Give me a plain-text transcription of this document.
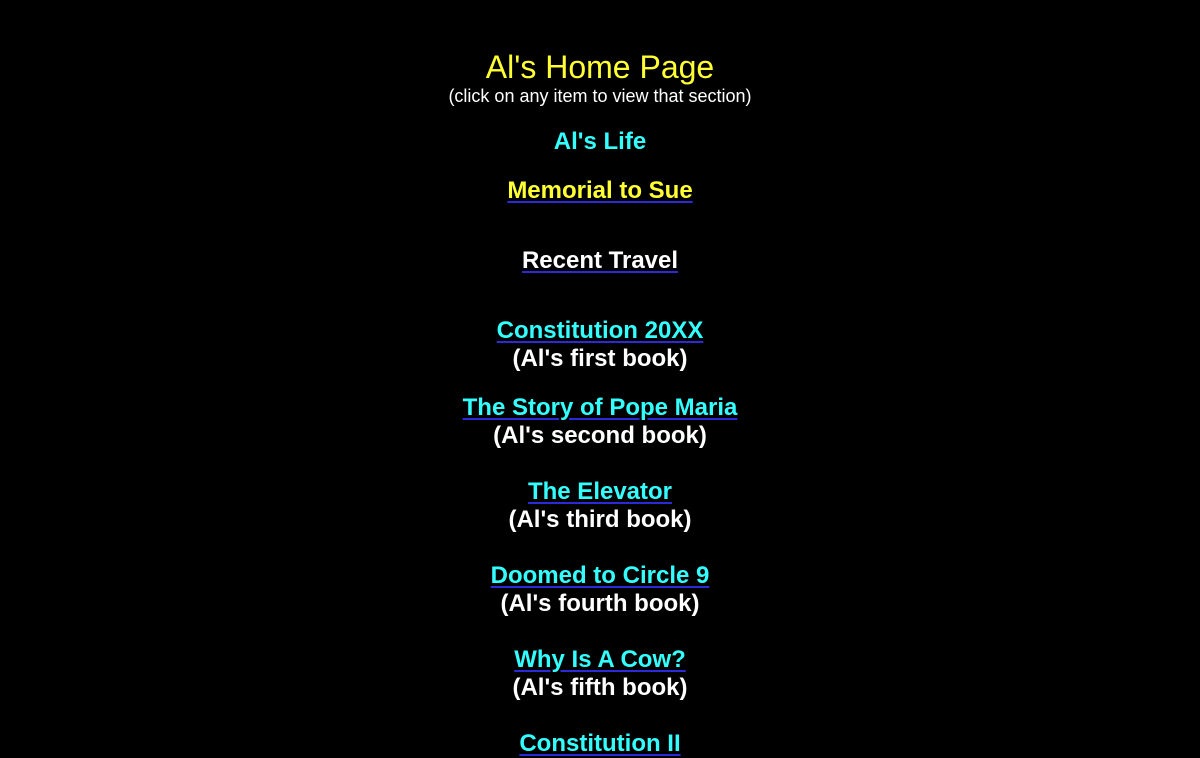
Al's Home Page
(click on any item to view that section)
Al's Life
Memorial to Sue
Recent Travel
Constitution 20XX
(Al's first book)
The Story of Pope Maria
(Al's second book)
The Elevator
(Al's third book)
Doomed to Circle 9
(Al's fourth book)
Why Is A Cow?
(Al's fifth book)
Constitution II
